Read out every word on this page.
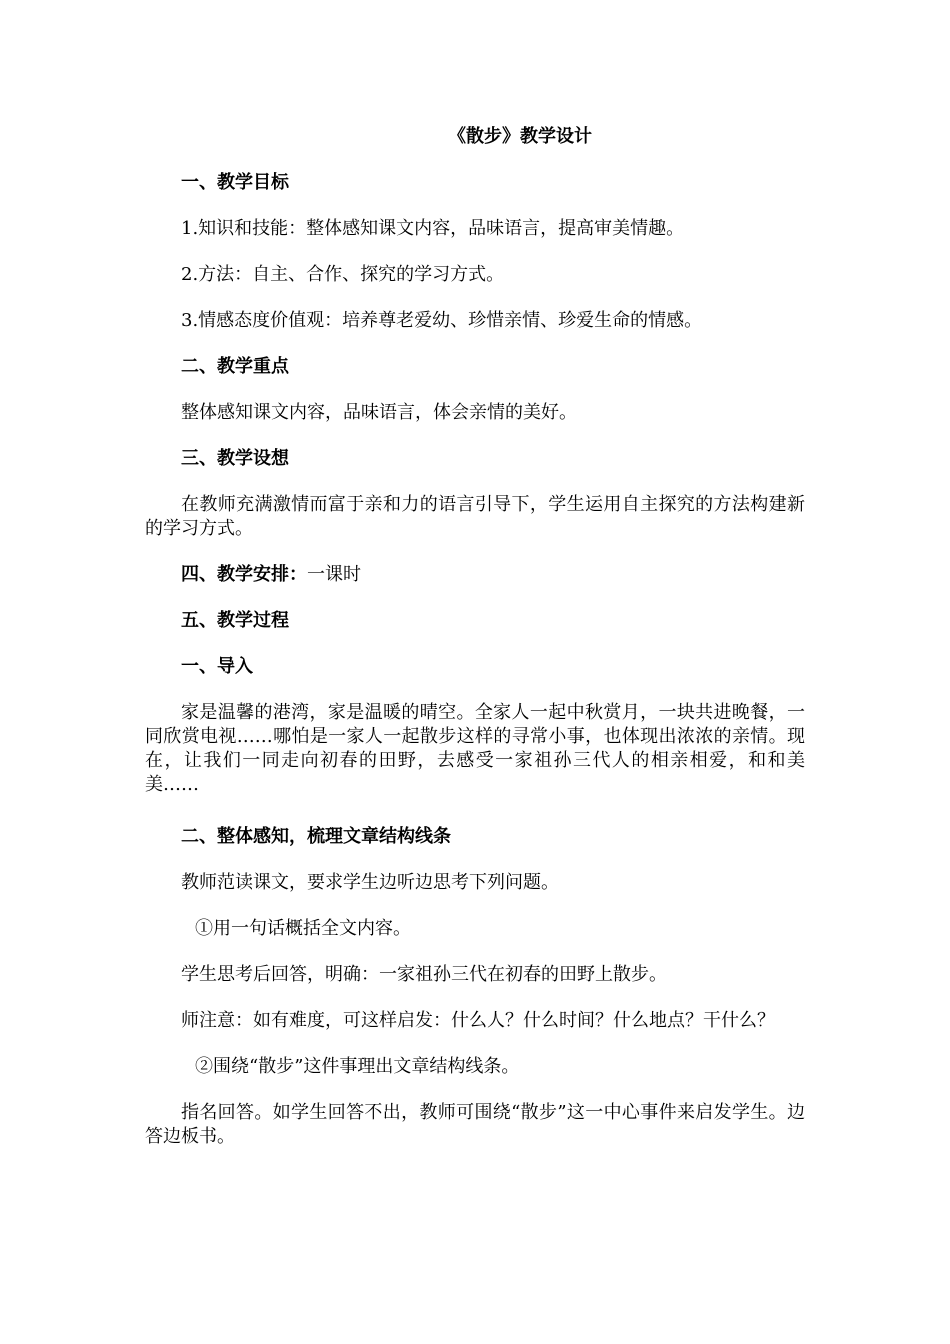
《散步》教学设计
一、教学目标
1.知识和技能：整体感知课文内容，品味语言，提高审美情趣。
2.方法：自主、合作、探究的学习方式。
3.情感态度价值观：培养尊老爱幼、珍惜亲情、珍爱生命的情感。
二、教学重点
整体感知课文内容，品味语言，体会亲情的美好。
三、教学设想
在教师充满激情而富于亲和力的语言引导下，学生运用自主探究的方法构建新的学习方式。
四、教学安排：一课时
五、教学过程
一、导入
家是温馨的港湾，家是温暖的晴空。全家人一起中秋赏月，一块共进晚餐，一同欣赏电视……哪怕是一家人一起散步这样的寻常小事，也体现出浓浓的亲情。现在，让我们一同走向初春的田野，去感受一家祖孙三代人的相亲相爱，和和美美……
二、整体感知，梳理文章结构线条
教师范读课文，要求学生边听边思考下列问题。
①用一句话概括全文内容。
学生思考后回答，明确：一家祖孙三代在初春的田野上散步。
师注意：如有难度，可这样启发：什么人？什么时间？什么地点？干什么？
②围绕“散步”这件事理出文章结构线条。
指名回答。如学生回答不出，教师可围绕“散步”这一中心事件来启发学生。边答边板书。
